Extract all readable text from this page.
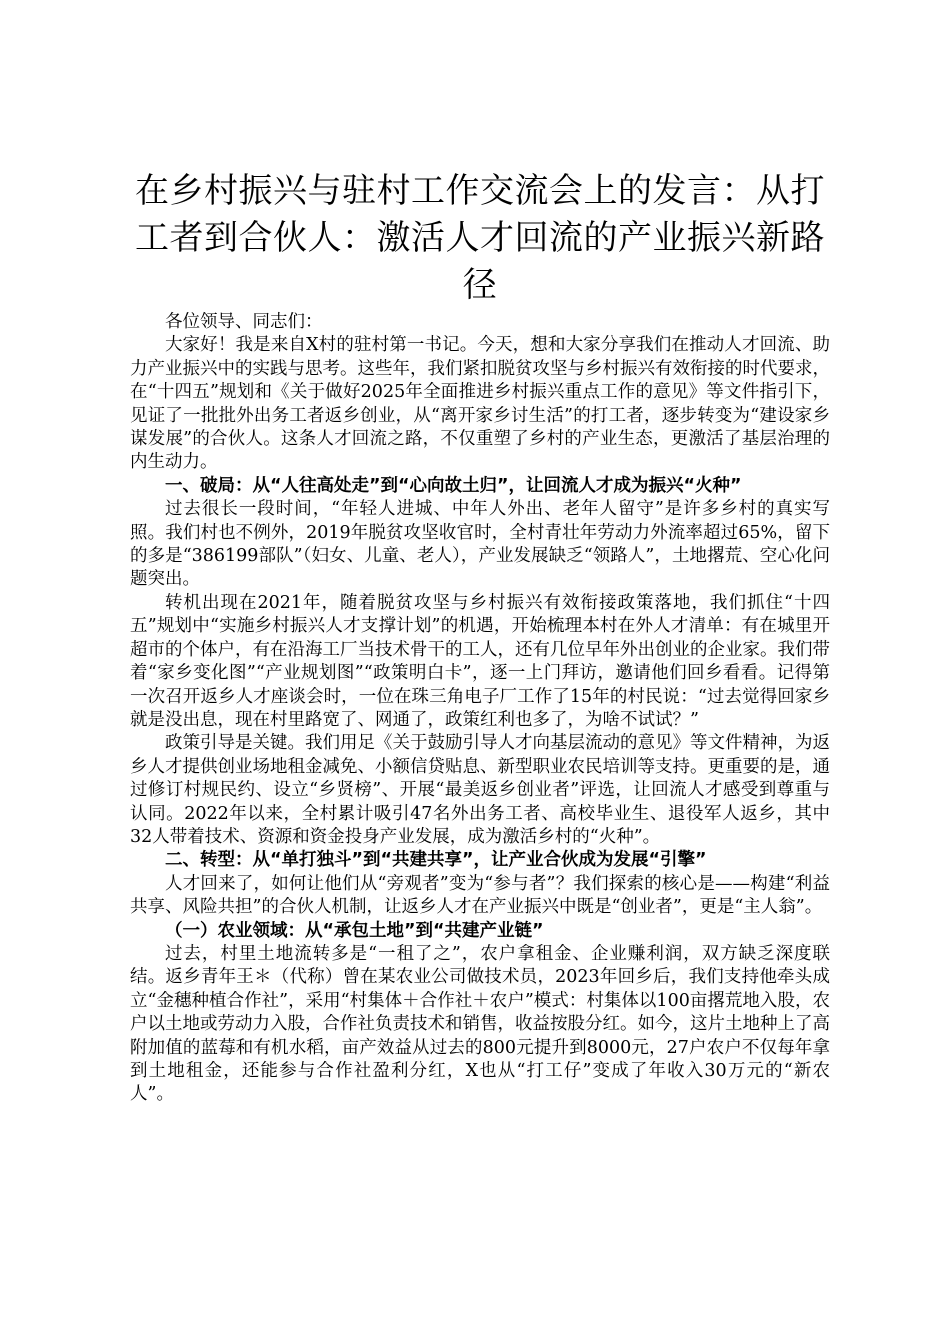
在乡村振兴与驻村工作交流会上的发言：从打工者到合伙人：激活人才回流的产业振兴新路径

各位领导、同志们：

大家好！我是来自X村的驻村第一书记。今天，想和大家分享我们在推动人才回流、助力产业振兴中的实践与思考。这些年，我们紧扣脱贫攻坚与乡村振兴有效衔接的时代要求，在“十四五”规划和《关于做好2025年全面推进乡村振兴重点工作的意见》等文件指引下，见证了一批批外出务工者返乡创业，从“离开家乡讨生活”的打工者，逐步转变为“建设家乡谋发展”的合伙人。这条人才回流之路，不仅重塑了乡村的产业生态，更激活了基层治理的内生动力。

一、破局：从“人往高处走”到“心向故土归”，让回流人才成为振兴“火种”

过去很长一段时间，“年轻人进城、中年人外出、老年人留守”是许多乡村的真实写照。我们村也不例外，2019年脱贫攻坚收官时，全村青壮年劳动力外流率超过65%，留下的多是“386199部队”（妇女、儿童、老人），产业发展缺乏“领路人”，土地撂荒、空心化问题突出。

转机出现在2021年，随着脱贫攻坚与乡村振兴有效衔接政策落地，我们抓住“十四五”规划中“实施乡村振兴人才支撑计划”的机遇，开始梳理本村在外人才清单：有在城里开超市的个体户，有在沿海工厂当技术骨干的工人，还有几位早年外出创业的企业家。我们带着“家乡变化图”“产业规划图”“政策明白卡”，逐一上门拜访，邀请他们回乡看看。记得第一次召开返乡人才座谈会时，一位在珠三角电子厂工作了15年的村民说：“过去觉得回家乡就是没出息，现在村里路宽了、网通了，政策红利也多了，为啥不试试？”

政策引导是关键。我们用足《关于鼓励引导人才向基层流动的意见》等文件精神，为返乡人才提供创业场地租金减免、小额信贷贴息、新型职业农民培训等支持。更重要的是，通过修订村规民约、设立“乡贤榜”、开展“最美返乡创业者”评选，让回流人才感受到尊重与认同。2022年以来，全村累计吸引47名外出务工者、高校毕业生、退役军人返乡，其中32人带着技术、资源和资金投身产业发展，成为激活乡村的“火种”。

二、转型：从“单打独斗”到“共建共享”，让产业合伙成为发展“引擎”

人才回来了，如何让他们从“旁观者”变为“参与者”？我们探索的核心是——构建“利益共享、风险共担”的合伙人机制，让返乡人才在产业振兴中既是“创业者”，更是“主人翁”。

（一）农业领域：从“承包土地”到“共建产业链”

过去，村里土地流转多是“一租了之”，农户拿租金、企业赚利润，双方缺乏深度联结。返乡青年王＊（代称）曾在某农业公司做技术员，2023年回乡后，我们支持他牵头成立“金穗种植合作社”，采用“村集体＋合作社＋农户”模式：村集体以100亩撂荒地入股，农户以土地或劳动力入股，合作社负责技术和销售，收益按股分红。如今，这片土地种上了高附加值的蓝莓和有机水稻，亩产效益从过去的800元提升到8000元，27户农户不仅每年拿到土地租金，还能参与合作社盈利分红，X也从“打工仔”变成了年收入30万元的“新农人”。
